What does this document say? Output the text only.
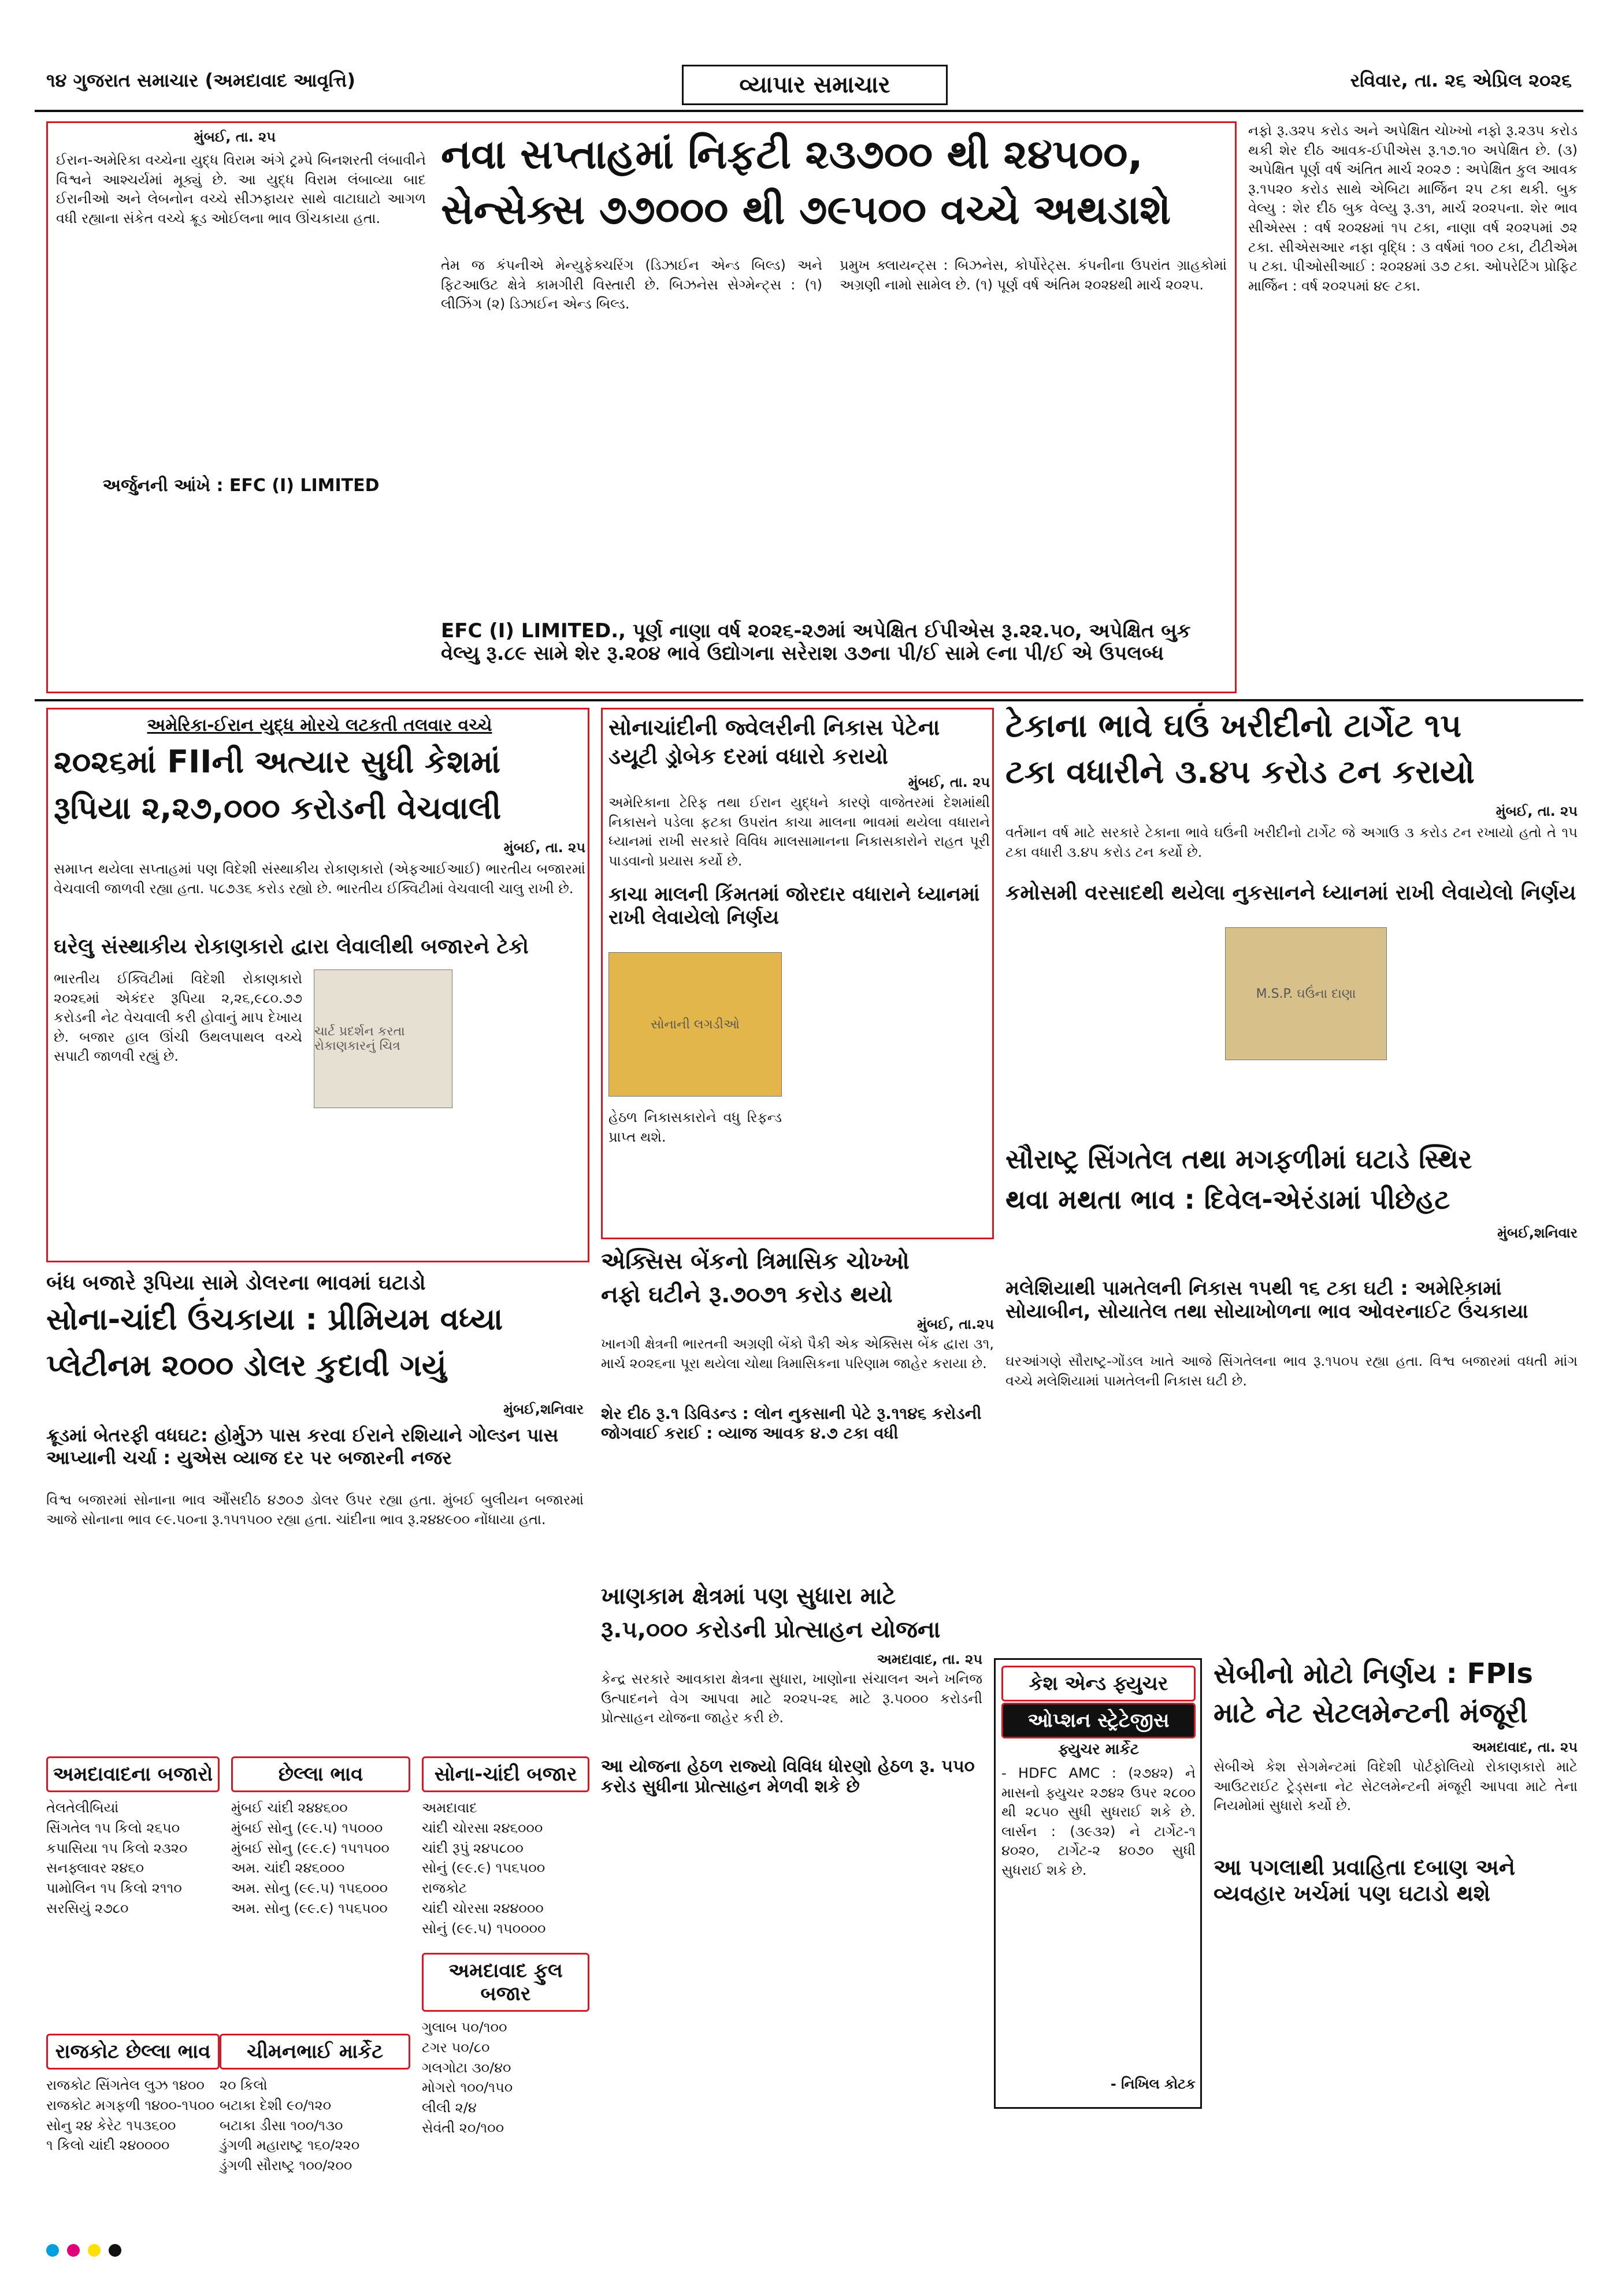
૧૪ ગુજરાત સમાચાર (અમદાવાદ આવૃત્તિ)	વ્યાપાર સમાચાર	રવિવાર, તા. ૨૬ એપ્રિલ ૨૦૨૬
મુંબઈ, તા. ૨૫
ઈરાન-અમેરિકા વચ્ચેના યુદ્ધ વિરામ અંગે ટ્રમ્પે બિનશરતી લંબાવીને વિશ્વને આશ્ચર્યમાં મૂક્યું છે. આ યુદ્ધ વિરામ લંબાવ્યા બાદ ઈરાનીઓ અને લેબનોન વચ્ચે સીઝફાયર સાથે વાટાઘાટો આગળ વધી રહ્યાના સંકેત વચ્ચે ક્રૂડ ઓઈલના ભાવ ઊંચકાયા હતા.
અર્જુનની આંખે : EFC (I) LIMITED
નવા સપ્તાહમાં નિફટી ૨૩૭૦૦ થી ૨૪૫૦૦,
સેન્સેક્સ ૭૭૦૦૦ થી ૭૯૫૦૦ વચ્ચે અથડાશે
તેમ જ કંપનીએ મેન્યુફેક્ચરિંગ (ડિઝાઈન એન્ડ બિલ્ડ) અને ફિટઆઉટ ક્ષેત્રે કામગીરી વિસ્તારી છે. બિઝનેસ સેગ્મેન્ટ્સ : (૧) લીઝિંગ (૨) ડિઝાઈન એન્ડ બિલ્ડ.
પ્રમુખ ક્લાયન્ટ્સ : બિઝનેસ, કોર્પોરેટ્સ. કંપનીના ઉપરાંત ગ્રાહકોમાં અગ્રણી નામો સામેલ છે. (૧) પૂર્ણ વર્ષ અંતિમ ૨૦૨૪થી માર્ચ ૨૦૨૫.
EFC (I) LIMITED., પૂર્ણ નાણા વર્ષ ૨૦૨૬-૨૭માં અપેક્ષિત ઈપીએસ રૂ.૨૨.૫૦, અપેક્ષિત બુક વેલ્યુ રૂ.૮૯ સામે શેર રૂ.૨૦૪ ભાવે ઉદ્યોગના સરેરાશ ૩૭ના પી/ઈ સામે ૯ના પી/ઈ એ ઉપલબ્ધ
નફો રૂ.૩૨૫ કરોડ અને અપેક્ષિત ચોખ્ખો નફો રૂ.૨૩૫ કરોડ થકી શેર દીઠ આવક-ઈપીએસ રૂ.૧૭.૧૦ અપેક્ષિત છે. (૩) અપેક્ષિત પૂર્ણ વર્ષ અંતિત માર્ચ ૨૦૨૭ : અપેક્ષિત કુલ આવક રૂ.૧૫૨૦ કરોડ સાથે એબિટા માર્જિન ૨૫ ટકા થકી. બુક વેલ્યુ : શેર દીઠ બુક વેલ્યુ રૂ.૩૧, માર્ચ ૨૦૨૫ના. શેર ભાવ સીએસ્સ : વર્ષ ૨૦૨૪માં ૧૫ ટકા, નાણા વર્ષ ૨૦૨૫માં ૭૨ ટકા. સીએસઆર નફા વૃદ્ધિ : ૩ વર્ષમાં ૧૦૦ ટકા, ટીટીએમ ૫ ટકા. પીઓસીઆઈ : ૨૦૨૪માં ૩૭ ટકા. ઓપરેટિંગ પ્રોફિટ માર્જિન : વર્ષ ૨૦૨૫માં ૪૯ ટકા.
અમેરિકા-ઈરાન યુદ્ધ મોરચે લટકતી તલવાર વચ્ચે
૨૦૨૬માં FIIની અત્યાર સુધી કેશમાં
રૂપિયા ૨,૨૭,૦૦૦ કરોડની વેચવાલી
મુંબઈ, તા. ૨૫
સમાપ્ત થયેલા સપ્તાહમાં પણ વિદેશી સંસ્થાકીય રોકાણકારો (એફઆઈઆઈ) ભારતીય બજારમાં વેચવાલી જાળવી રહ્યા હતા. ૫૮૭૩૬ કરોડ રહ્યો છે. ભારતીય ઈક્વિટીમાં વેચવાલી ચાલુ રાખી છે.
ઘરેલુ સંસ્થાકીય રોકાણકારો દ્વારા લેવાલીથી બજારને ટેકો
ભારતીય ઈક્વિટીમાં વિદેશી રોકાણકારો ૨૦૨૬માં એકંદર રૂપિયા ૨,૨૬,૯૮૦.૭૭ કરોડની નેટ વેચવાલી કરી હોવાનું માપ દેખાય છે. બજાર હાલ ઊંચી ઉથલપાથલ વચ્ચે સપાટી જાળવી રહ્યું છે.
ચાર્ટ પ્રદર્શન કરતા રોકાણકારનું ચિત્ર
સોનાચાંદીની જ્વેલરીની નિકાસ પેટેના
ડયૂટી ડ્રોબેક દરમાં વધારો કરાયો
મુંબઈ, તા. ૨૫
અમેરિકાના ટેરિફ તથા ઈરાન યુદ્ધને કારણે વાજેતરમાં દેશમાંથી નિકાસને પડેલા ફટકા ઉપરાંત કાચા માલના ભાવમાં થયેલા વધારાને ધ્યાનમાં રાખી સરકારે વિવિધ માલસામાનના નિકાસકારોને રાહત પૂરી પાડવાનો પ્રયાસ કર્યો છે.
કાચા માલની કિંમતમાં જોરદાર વધારાને ધ્યાનમાં રાખી લેવાયેલો નિર્ણય
સોનાની લગડીઓ
હેઠળ નિકાસકારોને વધુ રિફન્ડ પ્રાપ્ત થશે.
ટેકાના ભાવે ઘઉં ખરીદીનો ટાર્ગેટ ૧૫
ટકા વધારીને ૩.૪૫ કરોડ ટન કરાયો
મુંબઈ, તા. ૨૫
વર્તમાન વર્ષ માટે સરકારે ટેકાના ભાવે ઘઉંની ખરીદીનો ટાર્ગેટ જે અગાઉ ૩ કરોડ ટન રખાયો હતો તે ૧૫ ટકા વધારી ૩.૪૫ કરોડ ટન કર્યો છે.
કમોસમી વરસાદથી થયેલા નુકસાનને ધ્યાનમાં રાખી લેવાયેલો નિર્ણય
M.S.P. ઘઉંના દાણા
સૌરાષ્ટ્ર સિંગતેલ તથા મગફળીમાં ઘટાડે સ્થિર
થવા મથતા ભાવ : દિવેલ-એરંડામાં પીછેહટ
મુંબઈ,શનિવાર
મલેશિયાથી પામતેલની નિકાસ ૧૫થી ૧૬ ટકા ઘટી : અમેરિકામાં સોયાબીન, સોયાતેલ તથા સોયાખોળના ભાવ ઓવરનાઈટ ઉંચકાયા
ઘરઆંગણે સૌરાષ્ટ્ર-ગોંડલ ખાતે આજે સિંગતેલના ભાવ રૂ.૧૫૦૫ રહ્યા હતા. વિશ્વ બજારમાં વધતી માંગ વચ્ચે મલેશિયામાં પામતેલની નિકાસ ઘટી છે.
બંધ બજારે રૂપિયા સામે ડોલરના ભાવમાં ઘટાડો
સોના-ચાંદી ઉંચકાયા : પ્રીમિયમ વધ્યા
પ્લેટીનમ ૨૦૦૦ ડોલર કુદાવી ગયું
મુંબઈ,શનિવાર
ક્રૂડમાં બેતરફી વધઘટ: હોર્મુઝ પાસ કરવા ઈરાને રશિયાને ગોલ્ડન પાસ આપ્યાની ચર્ચા : યુએસ વ્યાજ દર પર બજારની નજર
વિશ્વ બજારમાં સોનાના ભાવ ઔંસદીઠ ૪૭૦૭ ડોલર ઉપર રહ્યા હતા. મુંબઈ બુલીયન બજારમાં આજે સોનાના ભાવ ૯૯.૫૦ના રૂ.૧૫૧૫૦૦ રહ્યા હતા. ચાંદીના ભાવ રૂ.૨૪૪૯૦૦ નોંધાયા હતા.
એક્સિસ બેંકનો ત્રિમાસિક ચોખ્ખો
નફો ઘટીને રૂ.૭૦૭૧ કરોડ થયો
મુંબઈ, તા.૨૫
ખાનગી ક્ષેત્રની ભારતની અગ્રણી બેંકો પૈકી એક એક્સિસ બેંક દ્વારા ૩૧, માર્ચ ૨૦૨૬ના પૂરા થયેલા ચોથા ત્રિમાસિકના પરિણામ જાહેર કરાયા છે.
શેર દીઠ રૂ.૧ ડિવિડન્ડ : લોન નુકસાની પેટે રૂ.૧૧૪૬ કરોડની જોગવાઈ કરાઈ : વ્યાજ આવક ૪.૭ ટકા વધી
ખાણકામ ક્ષેત્રમાં પણ સુધારા માટે
રૂ.૫,૦૦૦ કરોડની પ્રોત્સાહન યોજના
અમદાવાદ, તા. ૨૫
કેન્દ્ર સરકારે આવકારા ક્ષેત્રના સુધારા, ખાણોના સંચાલન અને ખનિજ ઉત્પાદનને વેગ આપવા માટે ૨૦૨૫-૨૬ માટે રૂ.૫૦૦૦ કરોડની પ્રોત્સાહન યોજના જાહેર કરી છે.
આ યોજના હેઠળ રાજ્યો વિવિધ ધોરણો હેઠળ રૂ. ૫૫૦ કરોડ સુધીના પ્રોત્સાહન મેળવી શકે છે
કેશ એન્ડ ફ્યુચર
ઓપ્શન સ્ટ્રેટેજીસ
ફ્યુચર માર્કેટ
- HDFC AMC : (૨૭૪૨) ને માસનો ફ્યુચર ૨૭૪૨ ઉપર ૨૮૦૦ થી ૨૮૫૦ સુધી સુધરાઈ શકે છે. લાર્સન : (૩૯૩૨) ને ટાર્ગેટ-૧ ૪૦૨૦, ટાર્ગેટ-૨ ૪૦૭૦ સુધી સુધરાઈ શકે છે.
- નિખિલ કોટક
સેબીનો મોટો નિર્ણય : FPIs
માટે નેટ સેટલમેન્ટની મંજૂરી
અમદાવાદ, તા. ૨૫
સેબીએ કેશ સેગમેન્ટમાં વિદેશી પોર્ટફોલિયો રોકાણકારો માટે આઉટરાઈટ ટ્રેડ્સના નેટ સેટલમેન્ટની મંજૂરી આપવા માટે તેના નિયમોમાં સુધારો કર્યો છે.
આ પગલાથી પ્રવાહિતા દબાણ અને વ્યવહાર ખર્ચમાં પણ ઘટાડો થશે
અમદાવાદના બજારો
તેલતેલીબિયાં
સિંગતેલ ૧૫ કિલો ૨૬૫૦
કપાસિયા ૧૫ કિલો ૨૩૨૦
સનફ્લાવર ૨૪૬૦
પામોલિન ૧૫ કિલો ૨૧૧૦
સરસિયું ૨૭૮૦
રાજકોટ છેલ્લા ભાવ
રાજકોટ સિંગતેલ લુઝ ૧૪૦૦
રાજકોટ મગફળી ૧૪૦૦-૧૫૦૦
સોનુ ૨૪ કેરેટ ૧૫૩૬૦૦
૧ કિલો ચાંદી ૨૪૦૦૦૦
છેલ્લા ભાવ
મુંબઈ ચાંદી ૨૪૪૬૦૦
મુંબઈ સોનુ (૯૯.૫) ૧૫૦૦૦
મુંબઈ સોનુ (૯૯.૯) ૧૫૧૫૦૦
અમ. ચાંદી ૨૪૬૦૦૦
અમ. સોનુ (૯૯.૫) ૧૫૬૦૦૦
અમ. સોનુ (૯૯.૯) ૧૫૬૫૦૦
ચીમનભાઈ માર્કેટ
૨૦ કિલો
બટાકા દેશી ૯૦/૧૨૦
બટાકા ડીસા ૧૦૦/૧૩૦
ડુંગળી મહારાષ્ટ્ર ૧૬૦/૨૨૦
ડુંગળી સૌરાષ્ટ્ર ૧૦૦/૨૦૦
સોના-ચાંદી બજાર
અમદાવાદ
ચાંદી ચોરસા ૨૪૬૦૦૦
ચાંદી રૂપું ૨૪૫૮૦૦
સોનું (૯૯.૯) ૧૫૬૫૦૦
રાજકોટ
ચાંદી ચોરસા ૨૪૪૦૦૦
સોનું (૯૯.૫) ૧૫૦૦૦૦
અમદાવાદ ફુલ બજાર
ગુલાબ ૫૦/૧૦૦
ટગર ૫૦/૮૦
ગલગોટા ૩૦/૪૦
મોગરો ૧૦૦/૧૫૦
લીલી ૨/૪
સેવંતી ૨૦/૧૦૦
